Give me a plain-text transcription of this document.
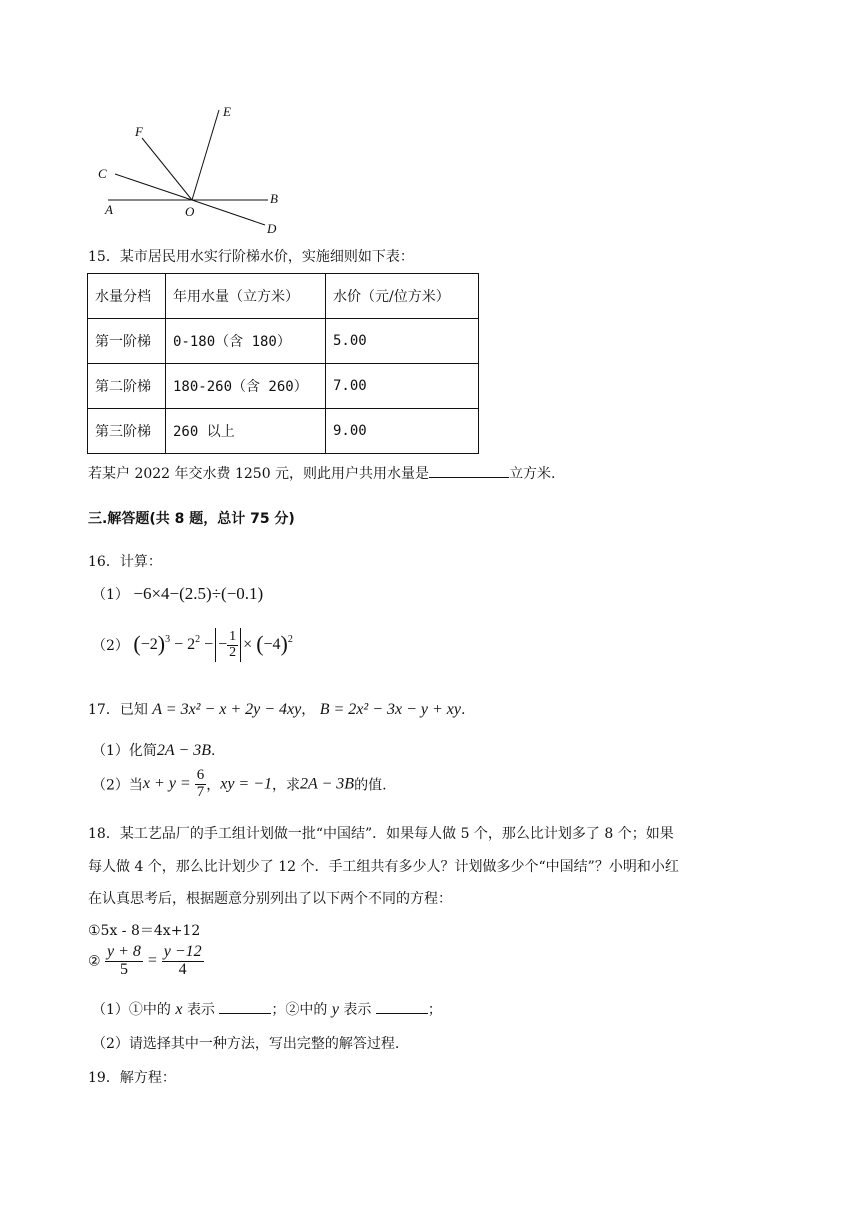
A	O
B
C
D
F
E
15．某市居民用水实行阶梯水价，实施细则如下表：
水量分档	年用水量（立方米）	水价（元/位方米）
第一阶梯	0-180（含 180）	5.00
第二阶梯	180-260（含 260）	7.00
第三阶梯	260 以上	9.00
若某户 2022 年交水费 1250 元，则此用户共用水量是	立方米.
三.解答题(共 8 题，总计 75 分)
16．计算：
（1） −6×4−(2.5)÷(−0.1)
（2） $(-2)^3 - 2^2$ − − $\frac{1}{2} \times (-4)^2$
17．已知 A = 3x² − x + 2y − 4xy， B = 2x² − 3x − y + xy.
（1）化简2A − 3B.
（2）当$x + y = \frac{6}{7}$ ，xy = −1，求2A − 3B的值.
18．某工艺品厂的手工组计划做一批“中国结”．如果每人做 5 个，那么比计划多了 8 个；如果
每人做 4 个，那么比计划少了 12 个．手工组共有多少人？计划做多少个“中国结”？小明和小红
在认真思考后，根据题意分别列出了以下两个不同的方程：
①5x - 8＝4x+12
② $\frac{y + 8}{5} = \frac{y -12}{4}$
（1）①中的 x 表示	；②中的 y 表示	；
（2）请选择其中一种方法，写出完整的解答过程.
19．解方程：
